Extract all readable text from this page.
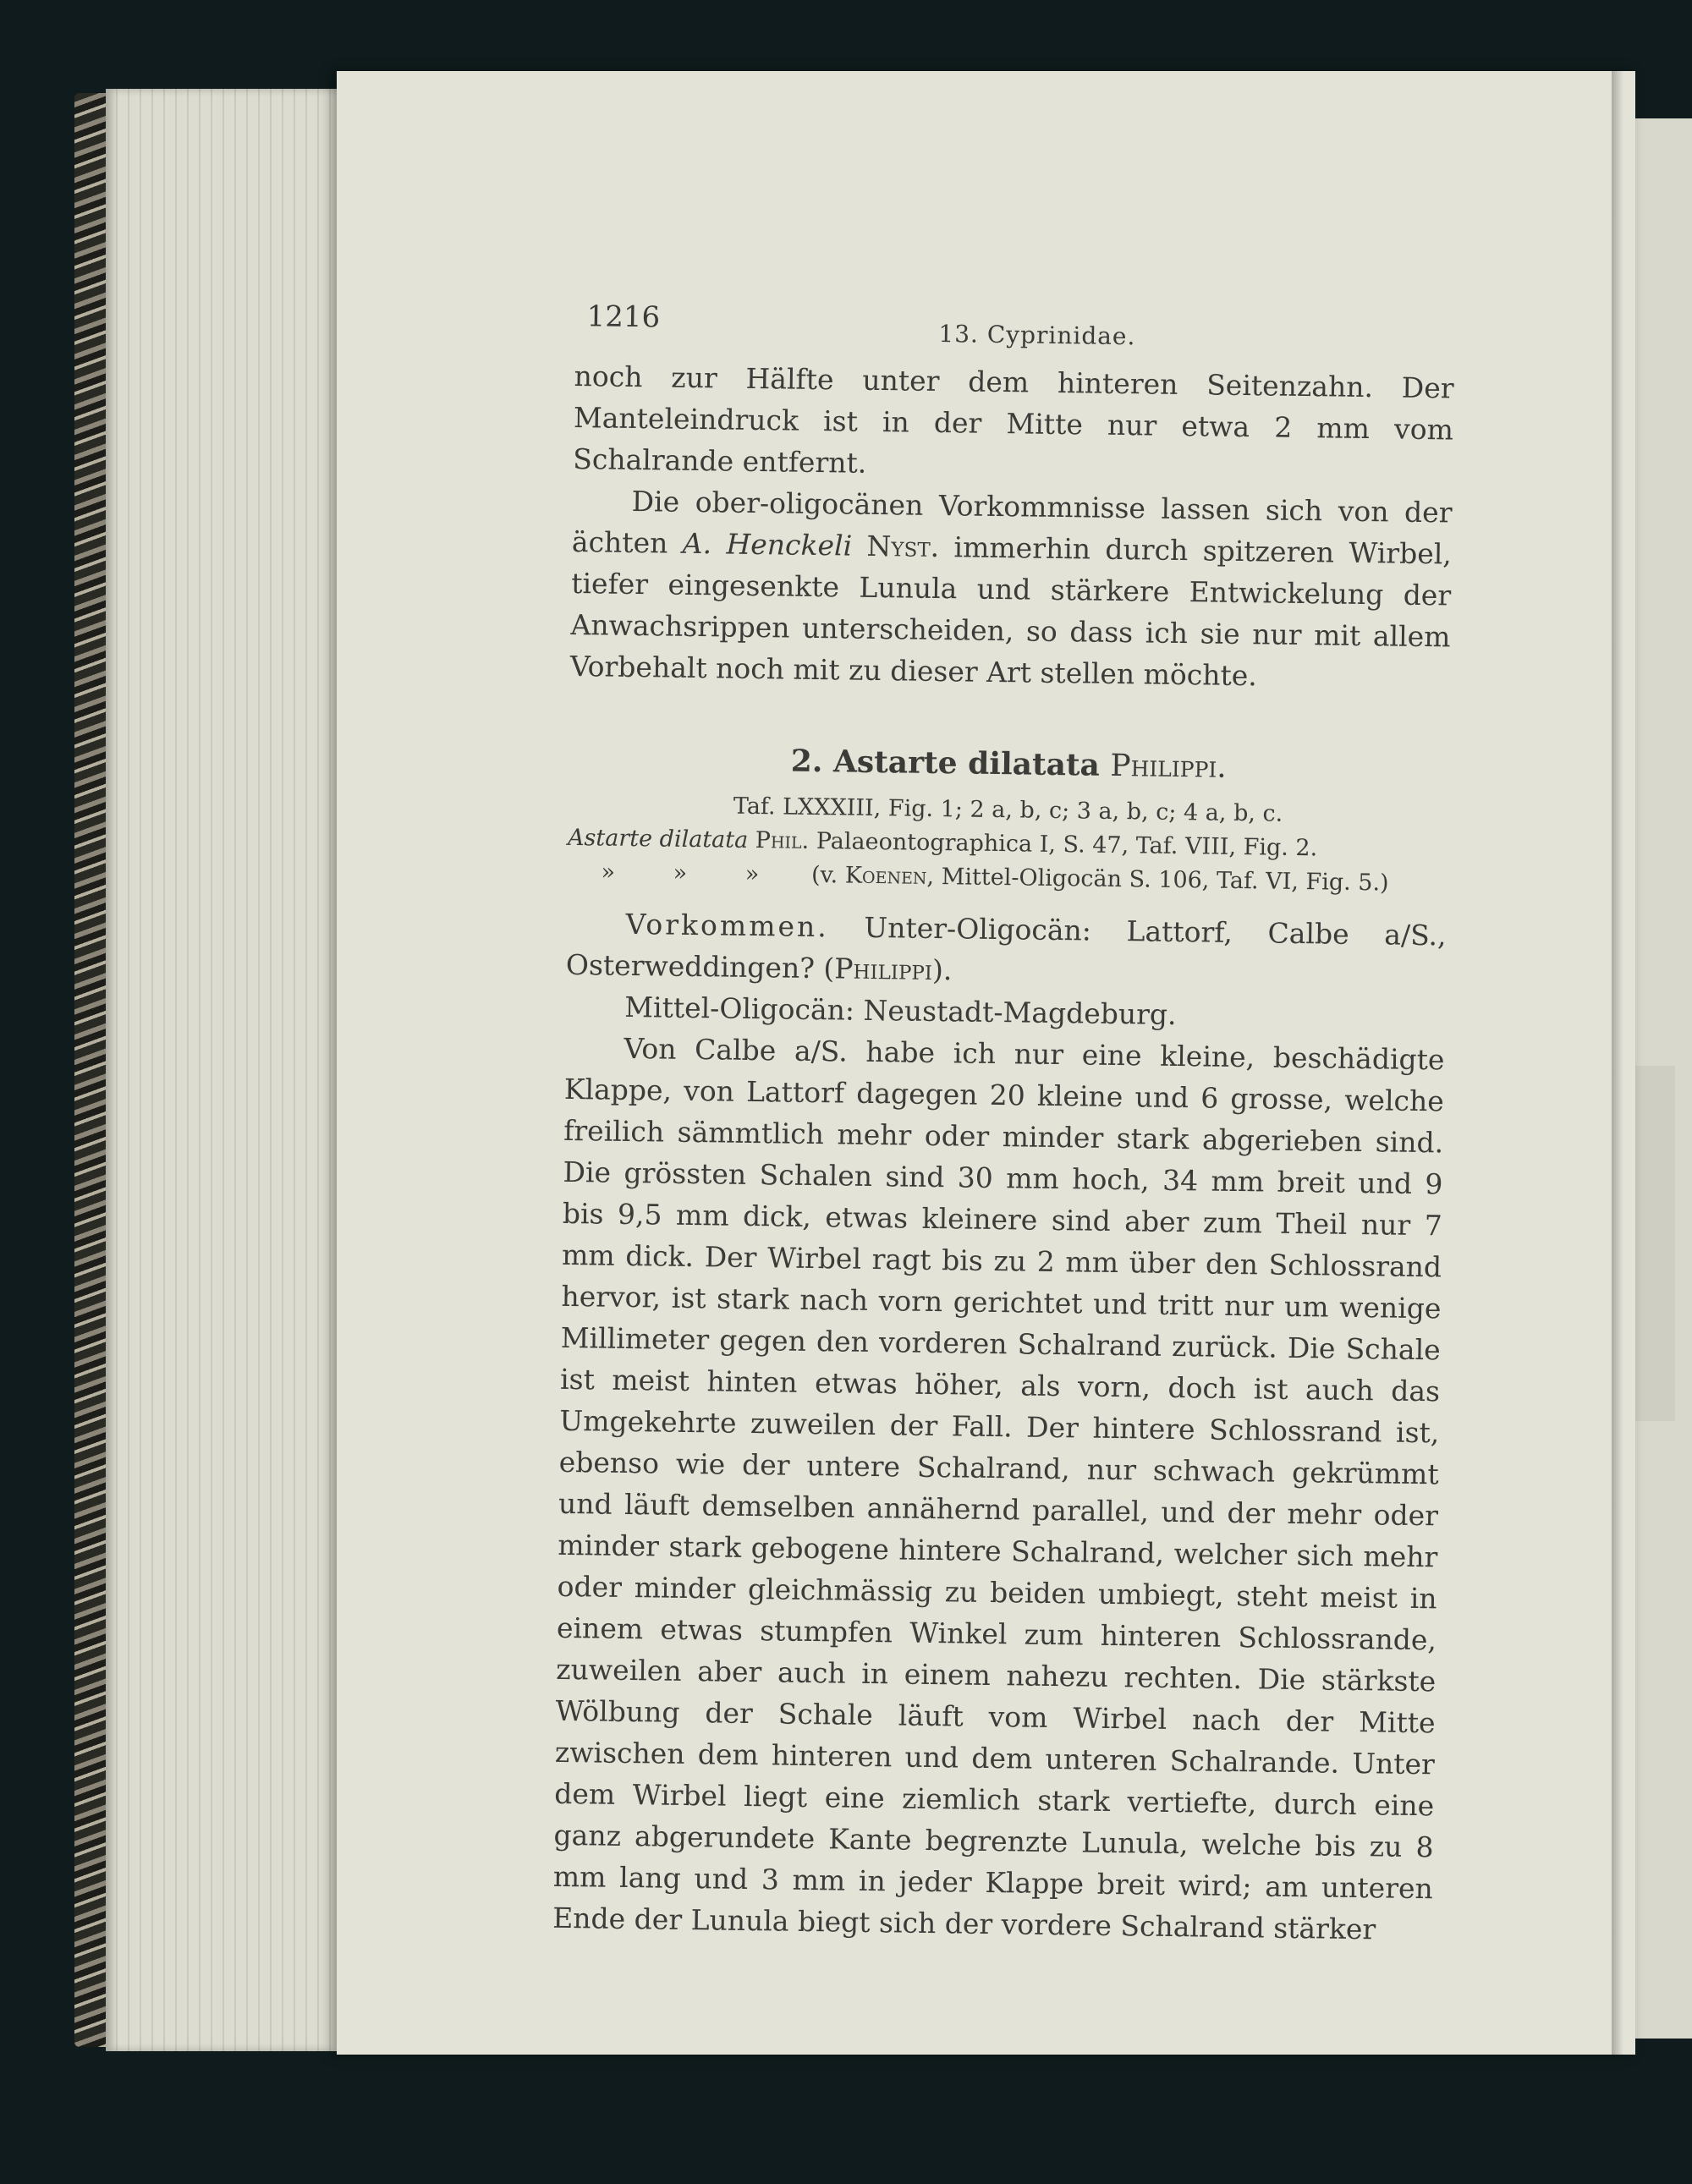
1216
13. Cyprinidae.

noch zur Hälfte unter dem hinteren Seitenzahn. Der Manteleindruck ist in der Mitte nur etwa 2 mm vom Schalrande entfernt.

Die ober-oligocänen Vorkommnisse lassen sich von der ächten A. Henckeli Nyst. immerhin durch spitzeren Wirbel, tiefer eingesenkte Lunula und stärkere Entwickelung der Anwachsrippen unterscheiden, so dass ich sie nur mit allem Vorbehalt noch mit zu dieser Art stellen möchte.

2. Astarte dilatata Philippi.
Taf. LXXXIII, Fig. 1; 2 a, b, c; 3 a, b, c; 4 a, b, c.
Astarte dilatata Phil. Palaeontographica I, S. 47, Taf. VIII, Fig. 2.
» » » (v. Koenen, Mittel-Oligocän S. 106, Taf. VI, Fig. 5.)

Vorkommen. Unter-Oligocän: Lattorf, Calbe a/S., Osterweddingen? (Philippi).

Mittel-Oligocän: Neustadt-Magdeburg.

Von Calbe a/S. habe ich nur eine kleine, beschädigte Klappe, von Lattorf dagegen 20 kleine und 6 grosse, welche freilich sämmtlich mehr oder minder stark abgerieben sind. Die grössten Schalen sind 30 mm hoch, 34 mm breit und 9 bis 9,5 mm dick, etwas kleinere sind aber zum Theil nur 7 mm dick. Der Wirbel ragt bis zu 2 mm über den Schlossrand hervor, ist stark nach vorn gerichtet und tritt nur um wenige Millimeter gegen den vorderen Schalrand zurück. Die Schale ist meist hinten etwas höher, als vorn, doch ist auch das Umgekehrte zuweilen der Fall. Der hintere Schlossrand ist, ebenso wie der untere Schalrand, nur schwach gekrümmt und läuft demselben annähernd parallel, und der mehr oder minder stark gebogene hintere Schalrand, welcher sich mehr oder minder gleichmässig zu beiden umbiegt, steht meist in einem etwas stumpfen Winkel zum hinteren Schlossrande, zuweilen aber auch in einem nahezu rechten. Die stärkste Wölbung der Schale läuft vom Wirbel nach der Mitte zwischen dem hinteren und dem unteren Schalrande. Unter dem Wirbel liegt eine ziemlich stark vertiefte, durch eine ganz abgerundete Kante begrenzte Lunula, welche bis zu 8 mm lang und 3 mm in jeder Klappe breit wird; am unteren Ende der Lunula biegt sich der vordere Schalrand stärker
